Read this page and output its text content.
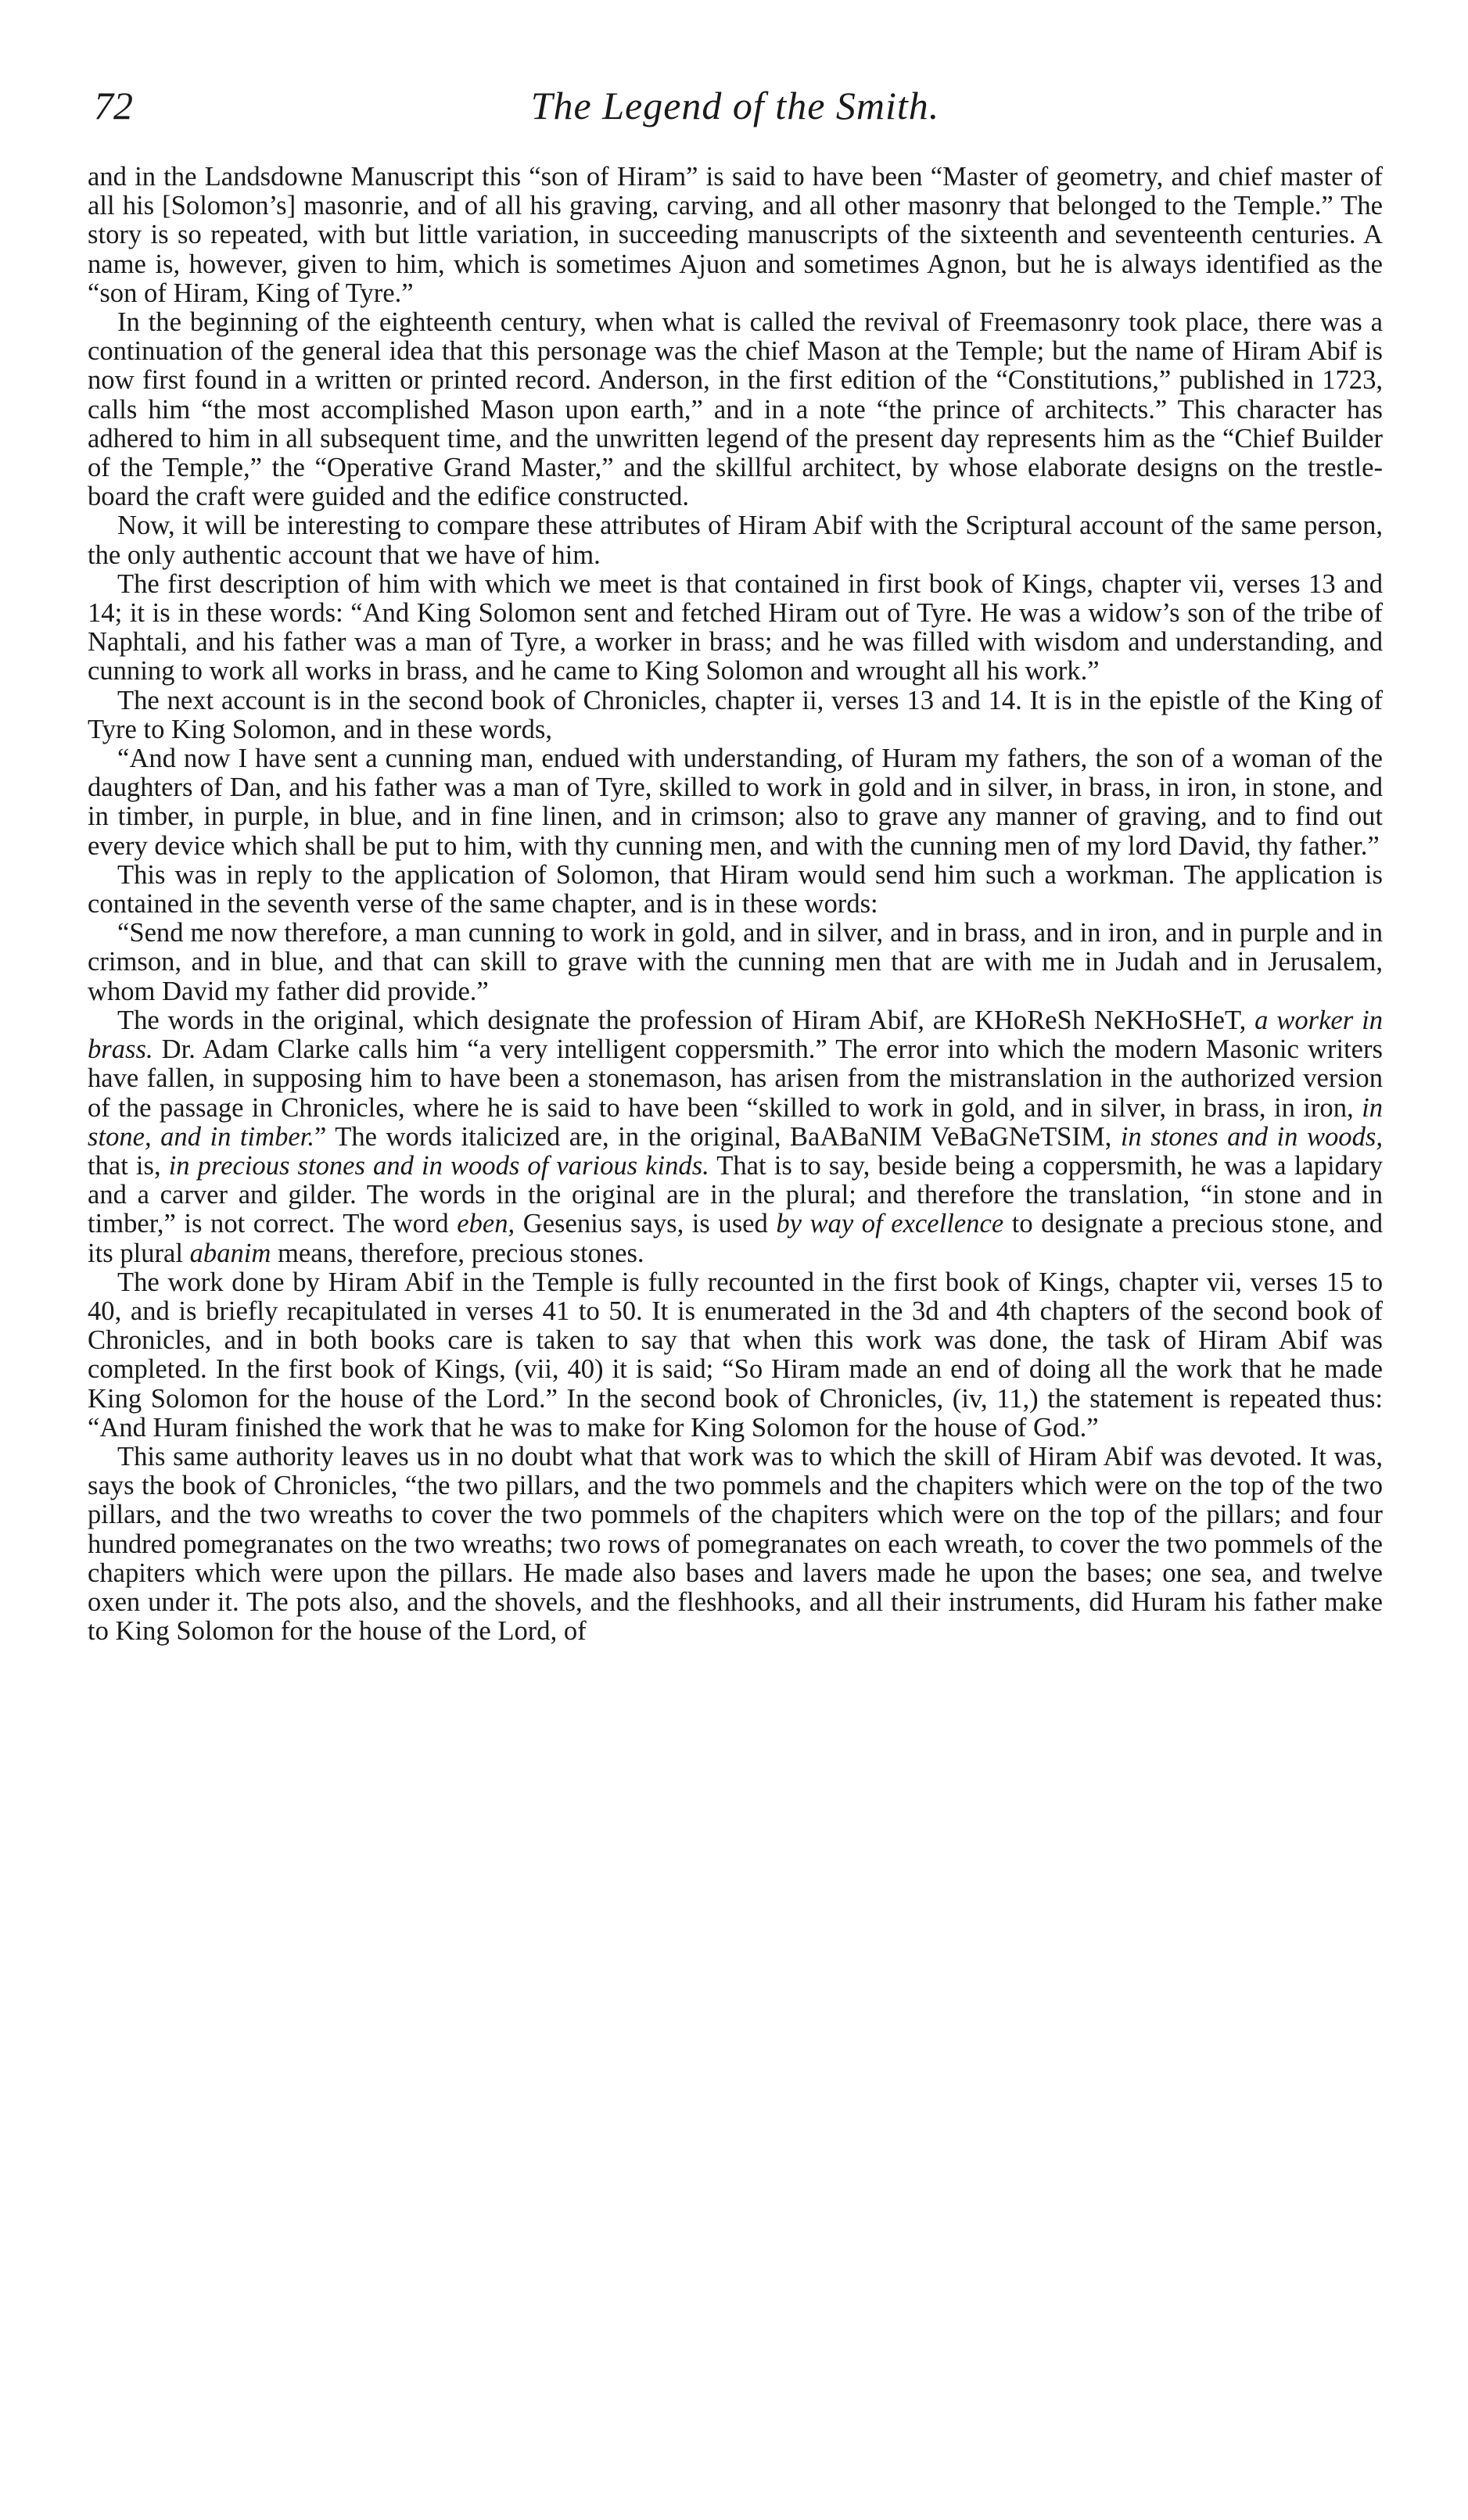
72	The Legend of the Smith.

and in the Landsdowne Manuscript this “son of Hiram” is said to have been “Master of geometry, and chief master of all his [Solomon’s] masonrie, and of all his graving, carving, and all other masonry that belonged to the Temple.” The story is so repeated, with but little variation, in succeeding manuscripts of the sixteenth and seventeenth centuries. A name is, however, given to him, which is sometimes Ajuon and sometimes Agnon, but he is always identified as the “son of Hiram, King of Tyre.”

In the beginning of the eighteenth century, when what is called the revival of Freemasonry took place, there was a continuation of the general idea that this personage was the chief Mason at the Temple; but the name of Hiram Abif is now first found in a written or printed record. Anderson, in the first edition of the “Constitutions,” published in 1723, calls him “the most accomplished Mason upon earth,” and in a note “the prince of architects.” This character has adhered to him in all subsequent time, and the unwritten legend of the present day represents him as the “Chief Builder of the Temple,” the “Operative Grand Master,” and the skillful architect, by whose elaborate designs on the trestle-board the craft were guided and the edifice constructed.

Now, it will be interesting to compare these attributes of Hiram Abif with the Scriptural account of the same person, the only authentic account that we have of him.

The first description of him with which we meet is that contained in first book of Kings, chapter vii, verses 13 and 14; it is in these words: “And King Solomon sent and fetched Hiram out of Tyre. He was a widow’s son of the tribe of Naphtali, and his father was a man of Tyre, a worker in brass; and he was filled with wisdom and understanding, and cunning to work all works in brass, and he came to King Solomon and wrought all his work.”

The next account is in the second book of Chronicles, chapter ii, verses 13 and 14. It is in the epistle of the King of Tyre to King Solomon, and in these words,

“And now I have sent a cunning man, endued with understanding, of Huram my fathers, the son of a woman of the daughters of Dan, and his father was a man of Tyre, skilled to work in gold and in silver, in brass, in iron, in stone, and in timber, in purple, in blue, and in fine linen, and in crimson; also to grave any manner of graving, and to find out every device which shall be put to him, with thy cunning men, and with the cunning men of my lord David, thy father.”

This was in reply to the application of Solomon, that Hiram would send him such a workman. The application is contained in the seventh verse of the same chapter, and is in these words:

“Send me now therefore, a man cunning to work in gold, and in silver, and in brass, and in iron, and in purple and in crimson, and in blue, and that can skill to grave with the cunning men that are with me in Judah and in Jerusalem, whom David my father did provide.”

The words in the original, which designate the profession of Hiram Abif, are KHoReSh NeKHoSHeT, a worker in brass. Dr. Adam Clarke calls him “a very intelligent coppersmith.” The error into which the modern Masonic writers have fallen, in supposing him to have been a stonemason, has arisen from the mistranslation in the authorized version of the passage in Chronicles, where he is said to have been “skilled to work in gold, and in silver, in brass, in iron, in stone, and in timber.” The words italicized are, in the original, BaABaNIM VeBaGNeTSIM, in stones and in woods, that is, in precious stones and in woods of various kinds. That is to say, beside being a coppersmith, he was a lapidary and a carver and gilder. The words in the original are in the plural; and therefore the translation, “in stone and in timber,” is not correct. The word eben, Gesenius says, is used by way of excellence to designate a precious stone, and its plural abanim means, therefore, precious stones.

The work done by Hiram Abif in the Temple is fully recounted in the first book of Kings, chapter vii, verses 15 to 40, and is briefly recapitulated in verses 41 to 50. It is enumerated in the 3d and 4th chapters of the second book of Chronicles, and in both books care is taken to say that when this work was done, the task of Hiram Abif was completed. In the first book of Kings, (vii, 40) it is said; “So Hiram made an end of doing all the work that he made King Solomon for the house of the Lord.” In the second book of Chronicles, (iv, 11,) the statement is repeated thus: “And Huram finished the work that he was to make for King Solomon for the house of God.”

This same authority leaves us in no doubt what that work was to which the skill of Hiram Abif was devoted. It was, says the book of Chronicles, “the two pillars, and the two pommels and the chapiters which were on the top of the two pillars, and the two wreaths to cover the two pommels of the chapiters which were on the top of the pillars; and four hundred pomegranates on the two wreaths; two rows of pomegranates on each wreath, to cover the two pommels of the chapiters which were upon the pillars. He made also bases and lavers made he upon the bases; one sea, and twelve oxen under it. The pots also, and the shovels, and the fleshhooks, and all their instruments, did Huram his father make to King Solomon for the house of the Lord, of
